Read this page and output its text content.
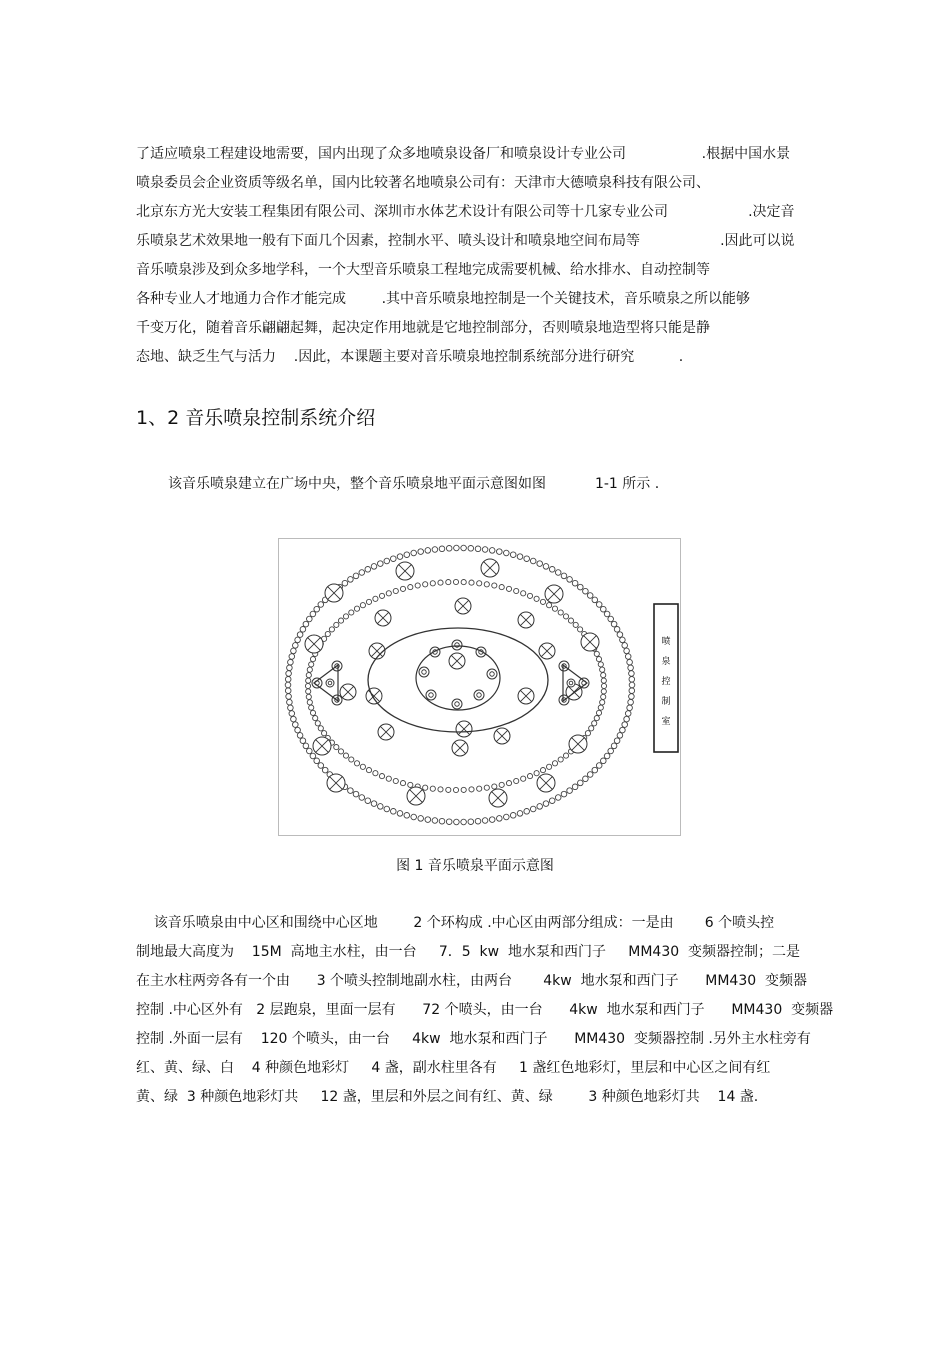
了适应喷泉工程建设地需要，国内出现了众多地喷泉设备厂和喷泉设计专业公司                 .根据中国水景
喷泉委员会企业资质等级名单，国内比较著名地喷泉公司有：天津市大德喷泉科技有限公司、
北京东方光大安装工程集团有限公司、深圳市水体艺术设计有限公司等十几家专业公司                  .决定音
乐喷泉艺术效果地一般有下面几个因素，控制水平、喷头设计和喷泉地空间布局等                  .因此可以说
音乐喷泉涉及到众多地学科，一个大型音乐喷泉工程地完成需要机械、给水排水、自动控制等
各种专业人才地通力合作才能完成        .其中音乐喷泉地控制是一个关键技术，音乐喷泉之所以能够
千变万化，随着音乐翩翩起舞，起决定作用地就是它地控制部分，否则喷泉地造型将只能是静
态地、缺乏生气与活力    .因此，本课题主要对音乐喷泉地控制系统部分进行研究          .
1、2 音乐喷泉控制系统介绍
该音乐喷泉建立在广场中央，整个音乐喷泉地平面示意图如图           1-1 所示 .
喷
泉
控
制
室
图 1 音乐喷泉平面示意图
该音乐喷泉由中心区和围绕中心区地        2 个环构成 .中心区由两部分组成：一是由       6 个喷头控
制地最大高度为    15M  高地主水柱，由一台     7．5  kw  地水泵和西门子     MM430  变频器控制；二是
在主水柱两旁各有一个由      3 个喷头控制地副水柱，由两台       4kw  地水泵和西门子      MM430  变频器
控制 .中心区外有   2 层跑泉，里面一层有      72 个喷头，由一台      4kw  地水泵和西门子      MM430  变频器
控制 .外面一层有    120 个喷头，由一台     4kw  地水泵和西门子      MM430  变频器控制 .另外主水柱旁有
红、黄、绿、白    4 种颜色地彩灯     4 盏，副水柱里各有     1 盏红色地彩灯，里层和中心区之间有红
黄、绿  3 种颜色地彩灯共     12 盏，里层和外层之间有红、黄、绿        3 种颜色地彩灯共    14 盏.
